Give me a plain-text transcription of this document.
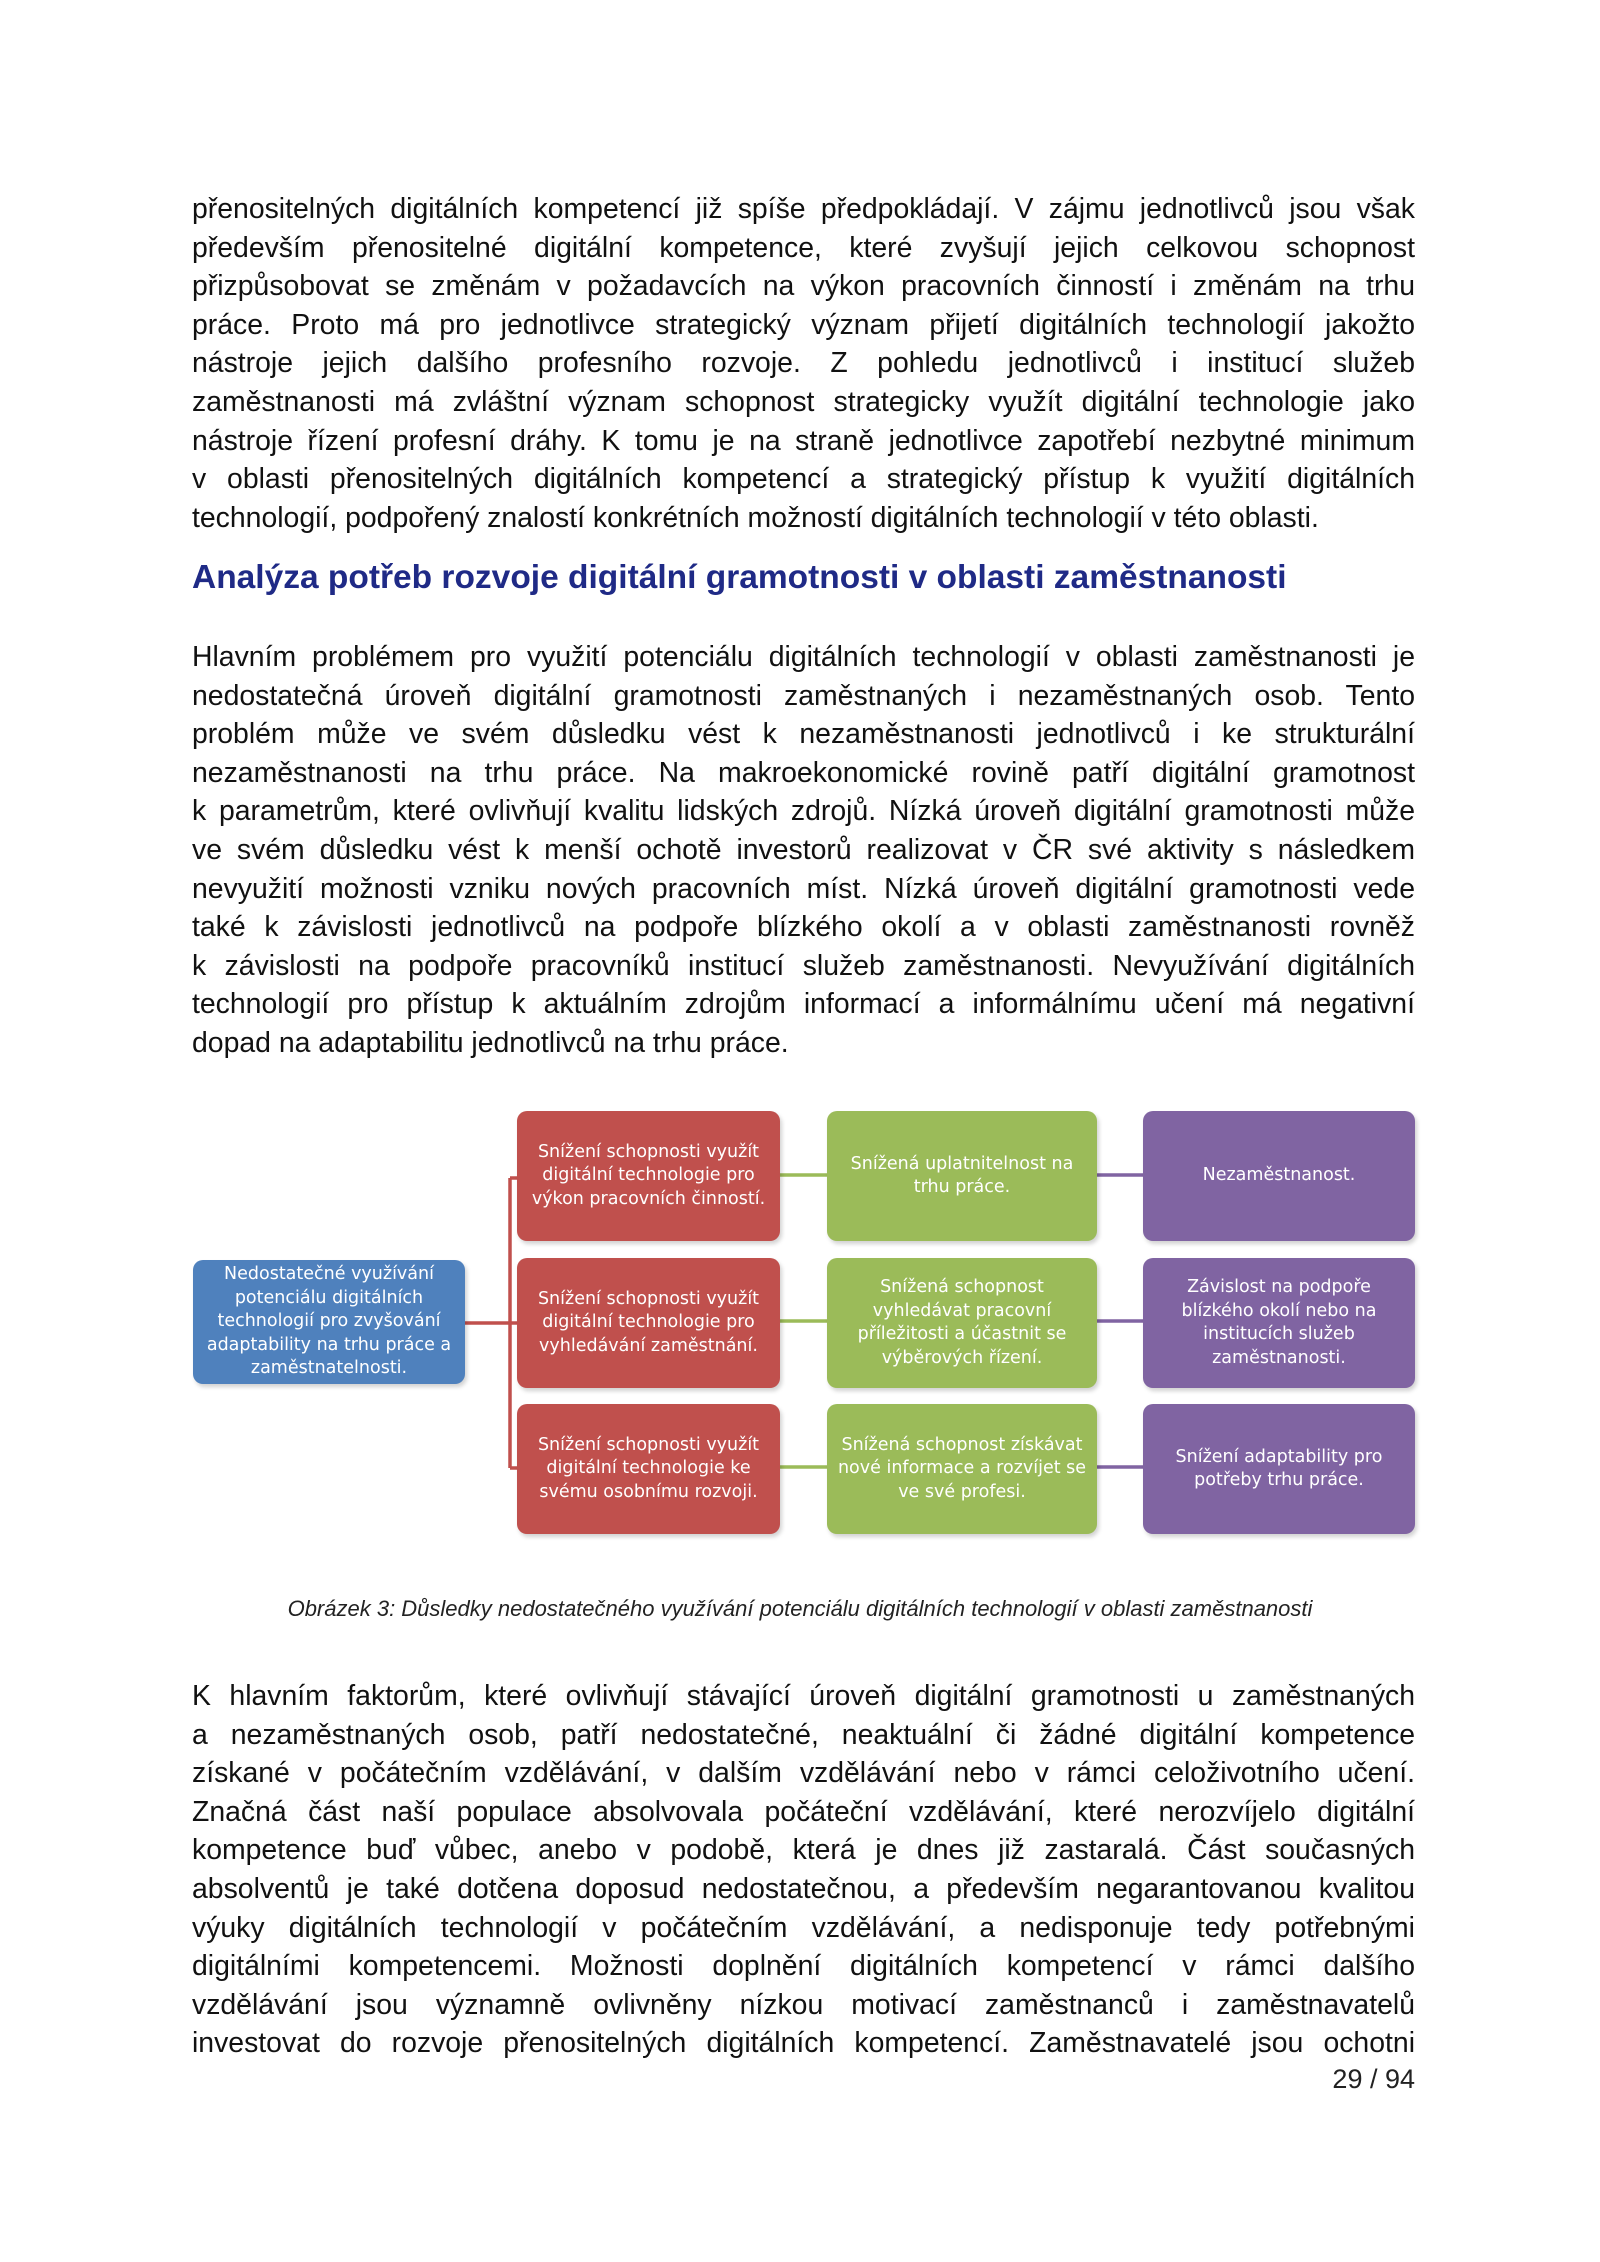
přenositelných digitálních kompetencí již spíše předpokládají. V zájmu jednotlivců jsou však
především přenositelné digitální kompetence, které zvyšují jejich celkovou schopnost
přizpůsobovat se změnám v požadavcích na výkon pracovních činností i změnám na trhu
práce. Proto má pro jednotlivce strategický význam přijetí digitálních technologií jakožto
nástroje jejich dalšího profesního rozvoje. Z pohledu jednotlivců i institucí služeb
zaměstnanosti má zvláštní význam schopnost strategicky využít digitální technologie jako
nástroje řízení profesní dráhy. K tomu je na straně jednotlivce zapotřebí nezbytné minimum
v oblasti přenositelných digitálních kompetencí a strategický přístup k využití digitálních
technologií, podpořený znalostí konkrétních možností digitálních technologií v této oblasti.
Analýza potřeb rozvoje digitální gramotnosti v oblasti zaměstnanosti
Hlavním problémem pro využití potenciálu digitálních technologií v oblasti zaměstnanosti je
nedostatečná úroveň digitální gramotnosti zaměstnaných i nezaměstnaných osob. Tento
problém může ve svém důsledku vést k nezaměstnanosti jednotlivců i ke strukturální
nezaměstnanosti na trhu práce. Na makroekonomické rovině patří digitální gramotnost
k parametrům, které ovlivňují kvalitu lidských zdrojů. Nízká úroveň digitální gramotnosti může
ve svém důsledku vést k menší ochotě investorů realizovat v ČR své aktivity s následkem
nevyužití možnosti vzniku nových pracovních míst. Nízká úroveň digitální gramotnosti vede
také k závislosti jednotlivců na podpoře blízkého okolí a v oblasti zaměstnanosti rovněž
k závislosti na podpoře pracovníků institucí služeb zaměstnanosti. Nevyužívání digitálních
technologií pro přístup k aktuálním zdrojům informací a informálnímu učení má negativní
dopad na adaptabilitu jednotlivců na trhu práce.
Nedostatečné využívání potenciálu digitálních technologií pro zvyšování adaptability na trhu práce a zaměstnatelnosti.
Snížení schopnosti využít digitální technologie pro výkon pracovních činností.
Snížení schopnosti využít digitální technologie pro vyhledávání zaměstnání.
Snížení schopnosti využít digitální technologie ke svému osobnímu rozvoji.
Snížená uplatnitelnost na trhu práce.
Snížená schopnost vyhledávat pracovní příležitosti a účastnit se výběrových řízení.
Snížená schopnost získávat nové informace a rozvíjet se ve své profesi.
Nezaměstnanost.
Závislost na podpoře blízkého okolí nebo na institucích služeb zaměstnanosti.
Snížení adaptability pro potřeby trhu práce.

Obrázek 3: Důsledky nedostatečného využívání potenciálu digitálních technologií v oblasti zaměstnanosti

K hlavním faktorům, které ovlivňují stávající úroveň digitální gramotnosti u zaměstnaných
a nezaměstnaných osob, patří nedostatečné, neaktuální či žádné digitální kompetence
získané v počátečním vzdělávání, v dalším vzdělávání nebo v rámci celoživotního učení.
Značná část naší populace absolvovala počáteční vzdělávání, které nerozvíjelo digitální
kompetence buď vůbec, anebo v podobě, která je dnes již zastaralá. Část současných
absolventů je také dotčena doposud nedostatečnou, a především negarantovanou kvalitou
výuky digitálních technologií v počátečním vzdělávání, a nedisponuje tedy potřebnými
digitálními kompetencemi. Možnosti doplnění digitálních kompetencí v rámci dalšího
vzdělávání jsou významně ovlivněny nízkou motivací zaměstnanců i zaměstnavatelů
investovat do rozvoje přenositelných digitálních kompetencí. Zaměstnavatelé jsou ochotni

29 / 94
